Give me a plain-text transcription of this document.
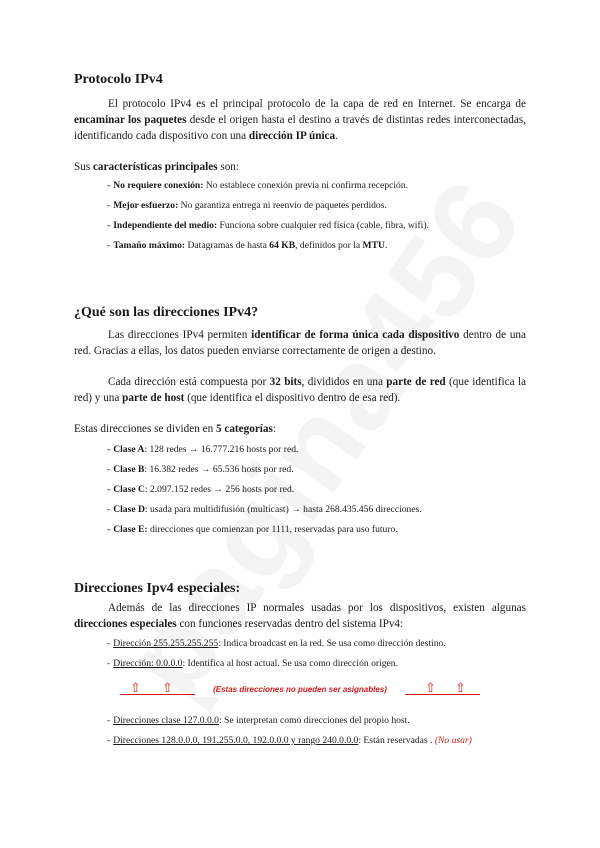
Protocolo IPv4

El protocolo IPv4 es el principal protocolo de la capa de red en Internet. Se encarga de encaminar los paquetes desde el origen hasta el destino a través de distintas redes interconectadas, identificando cada dispositivo con una dirección IP única.

Sus características principales son:

- No requiere conexión: No establece conexión previa ni confirma recepción.
- Mejor esfuerzo: No garantiza entrega ni reenvío de paquetes perdidos.
- Independiente del medio: Funciona sobre cualquier red física (cable, fibra, wifi).
- Tamaño máximo: Datagramas de hasta 64 KB, definidos por la MTU.
¿Qué son las direcciones IPv4?

Las direcciones IPv4 permiten identificar de forma única cada dispositivo dentro de una red. Gracias a ellas, los datos pueden enviarse correctamente de origen a destino.

Cada dirección está compuesta por 32 bits, divididos en una parte de red (que identifica la red) y una parte de host (que identifica el dispositivo dentro de esa red).

Estas direcciones se dividen en 5 categorías:

- Clase A: 128 redes → 16.777.216 hosts por red.
- Clase B: 16.382 redes → 65.536 hosts por red.
- Clase C: 2.097.152 redes → 256 hosts por red.
- Clase D: usada para multidifusión (multicast) → hasta 268.435.456 direcciones.
- Clase E: direcciones que comienzan por 1111, reservadas para uso futuro.
Direcciones Ipv4 especiales:

Además de las direcciones IP normales usadas por los dispositivos, existen algunas direcciones especiales con funciones reservadas dentro del sistema IPv4:

- Dirección 255.255.255.255: Indica broadcast en la red. Se usa como dirección destino.
- Dirección: 0.0.0.0: Identifica al host actual. Se usa como dirección origen.
⇧ ⇧	(Estas direcciones no pueden ser asignables)	⇧ ⇧
- Direcciones clase 127.0.0.0: Se interpretan como direcciones del propio host.
- Direcciones 128.0.0.0, 191.255.0.0, 192.0.0.0 y rango 240.0.0.0: Están reservadas . (No usar)
